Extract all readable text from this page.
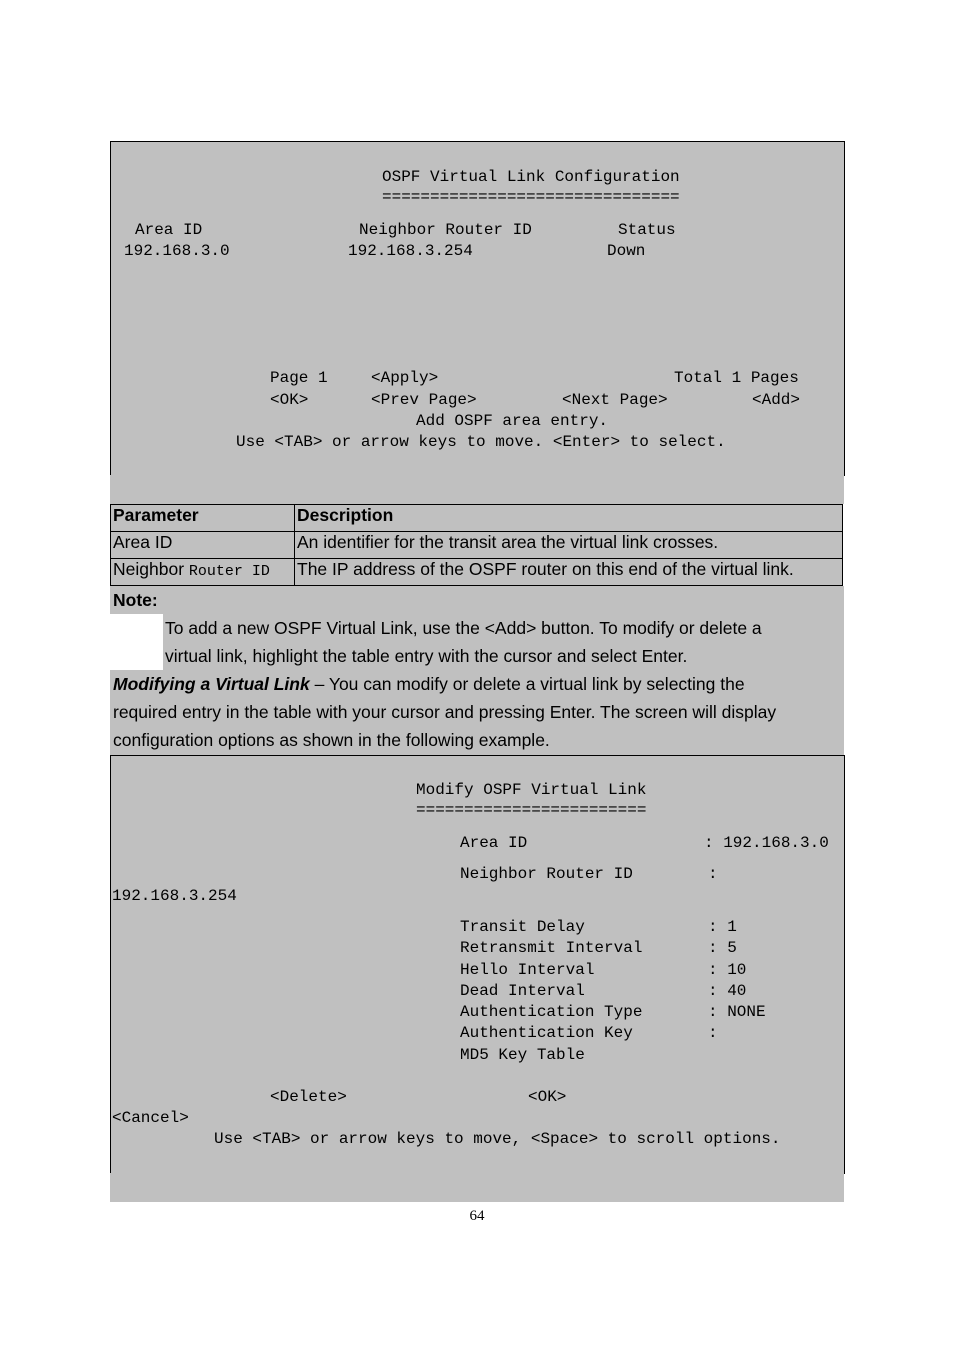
OSPF Virtual Link Configuration
===============================
Area ID	Neighbor Router ID	Status
192.168.3.0	192.168.3.254	Down
Page 1	<Apply>	Total 1 Pages
<OK>	<Prev Page>	<Next Page>	<Add>
Add OSPF area entry.
Use <TAB> or arrow keys to move. <Enter> to select.
Parameter	Description
Area ID	An identifier for the transit area the virtual link crosses.
Neighbor Router ID	The IP address of the OSPF router on this end of the virtual link.
Note:
To add a new OSPF Virtual Link, use the <Add> button. To modify or delete a
virtual link, highlight the table entry with the cursor and select Enter.
Modifying a Virtual Link – You can modify or delete a virtual link by selecting the
required entry in the table with your cursor and pressing Enter. The screen will display
configuration options as shown in the following example.
Modify OSPF Virtual Link
========================
Area ID	: 192.168.3.0
Neighbor Router ID	:
192.168.3.254
Transit Delay	: 1
Retransmit Interval	: 5
Hello Interval	: 10
Dead Interval	: 40
Authentication Type	: NONE
Authentication Key	:
MD5 Key Table
<Delete>	<OK>
<Cancel>
Use <TAB> or arrow keys to move, <Space> to scroll options.
64
